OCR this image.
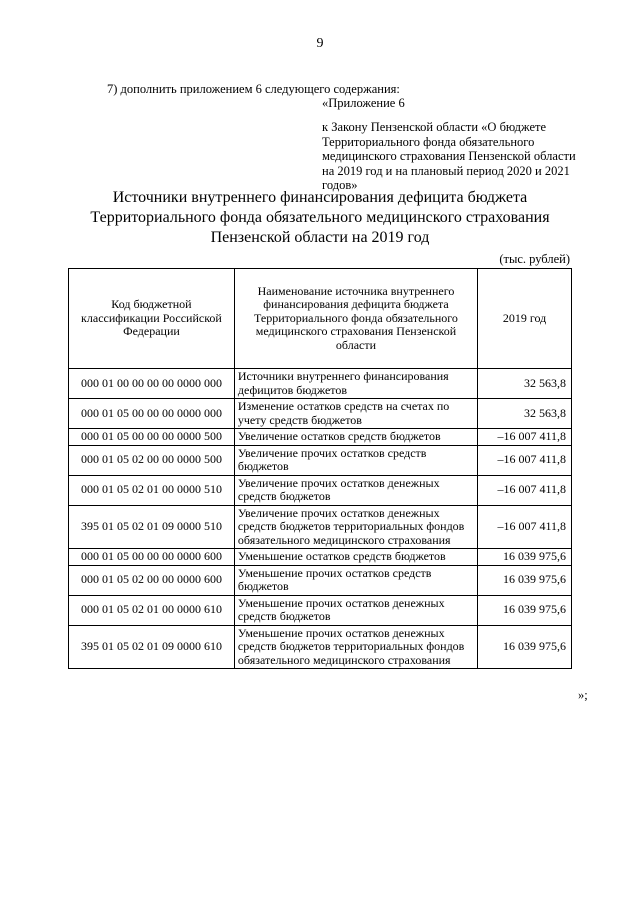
9
7) дополнить приложением 6 следующего содержания:
«Приложение 6
к Закону Пензенской области «О бюджете Территориального фонда обязательного медицинского страхования Пензенской области на 2019 год и на плановый период 2020 и 2021 годов»
Источники внутреннего финансирования дефицита бюджета
Территориального фонда обязательного медицинского страхования
Пензенской области на 2019 год
(тыс. рублей)
Код бюджетной классификации Российской Федерации	Наименование источника внутреннего финансирования дефицита бюджета Территориального фонда обязательного медицинского страхования Пензенской области	2019 год
000 01 00 00 00 00 0000 000	Источники внутреннего финансирования дефицитов бюджетов	32 563,8
000 01 05 00 00 00 0000 000	Изменение остатков средств на счетах по учету средств бюджетов	32 563,8
000 01 05 00 00 00 0000 500	Увеличение остатков средств бюджетов	–16 007 411,8
000 01 05 02 00 00 0000 500	Увеличение прочих остатков средств бюджетов	–16 007 411,8
000 01 05 02 01 00 0000 510	Увеличение прочих остатков денежных средств бюджетов	–16 007 411,8
395 01 05 02 01 09 0000 510	Увеличение прочих остатков денежных средств бюджетов территориальных фондов обязательного медицинского страхования	–16 007 411,8
000 01 05 00 00 00 0000 600	Уменьшение остатков средств бюджетов	16 039 975,6
000 01 05 02 00 00 0000 600	Уменьшение прочих остатков средств бюджетов	16 039 975,6
000 01 05 02 01 00 0000 610	Уменьшение прочих остатков денежных средств бюджетов	16 039 975,6
395 01 05 02 01 09 0000 610	Уменьшение прочих остатков денежных средств бюджетов территориальных фондов обязательного медицинского страхования	16 039 975,6
»;
